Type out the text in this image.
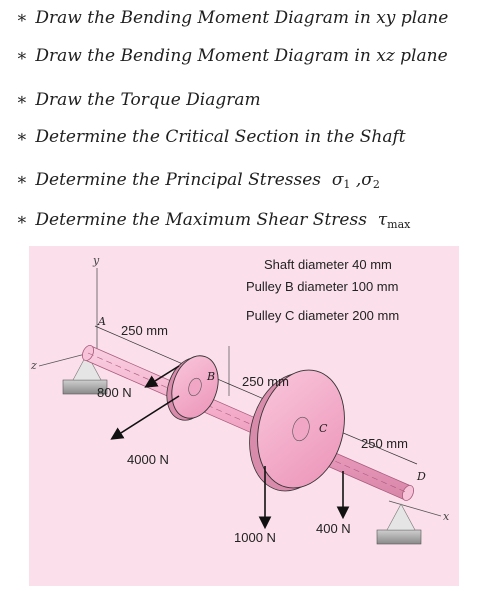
∗ Draw the Bending Moment Diagram in xy plane
∗ Draw the Bending Moment Diagram in xz plane
∗ Draw the Torque Diagram
∗ Determine the Critical Section in the Shaft
∗ Determine the Principal Stresses $\sigma_1$ $,\sigma_2$
∗ Determine the Maximum Shear Stress $\tau_{max}$
Shaft diameter 40 mm
Pulley B diameter 100 mm
Pulley C diameter 200 mm
250 mm
250 mm
250 mm
800 N
4000 N
1000 N
400 N
A
B
C
D
y
z
x
